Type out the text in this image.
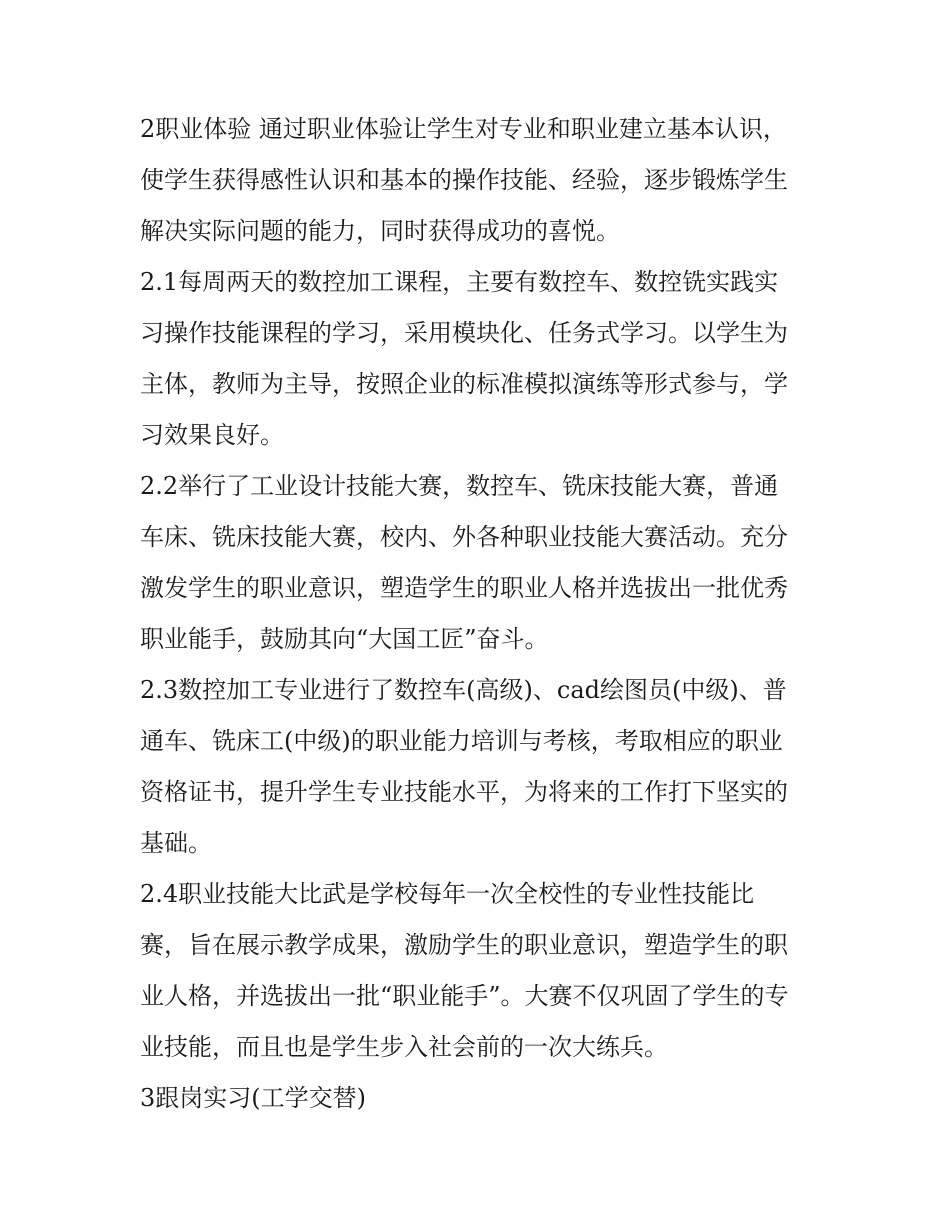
2职业体验 通过职业体验让学生对专业和职业建立基本认识，
使学生获得感性认识和基本的操作技能、经验，逐步锻炼学生
解决实际问题的能力，同时获得成功的喜悦。
2.1每周两天的数控加工课程，主要有数控车、数控铣实践实
习操作技能课程的学习，采用模块化、任务式学习。以学生为
主体，教师为主导，按照企业的标准模拟演练等形式参与，学
习效果良好。
2.2举行了工业设计技能大赛，数控车、铣床技能大赛，普通
车床、铣床技能大赛，校内、外各种职业技能大赛活动。充分
激发学生的职业意识，塑造学生的职业人格并选拔出一批优秀
职业能手，鼓励其向“大国工匠”奋斗。
2.3数控加工专业进行了数控车(高级)、cad绘图员(中级)、普
通车、铣床工(中级)的职业能力培训与考核，考取相应的职业
资格证书，提升学生专业技能水平，为将来的工作打下坚实的
基础。
2.4职业技能大比武是学校每年一次全校性的专业性技能比
赛，旨在展示教学成果，激励学生的职业意识，塑造学生的职
业人格，并选拔出一批“职业能手”。大赛不仅巩固了学生的专
业技能，而且也是学生步入社会前的一次大练兵。
3跟岗实习(工学交替)
